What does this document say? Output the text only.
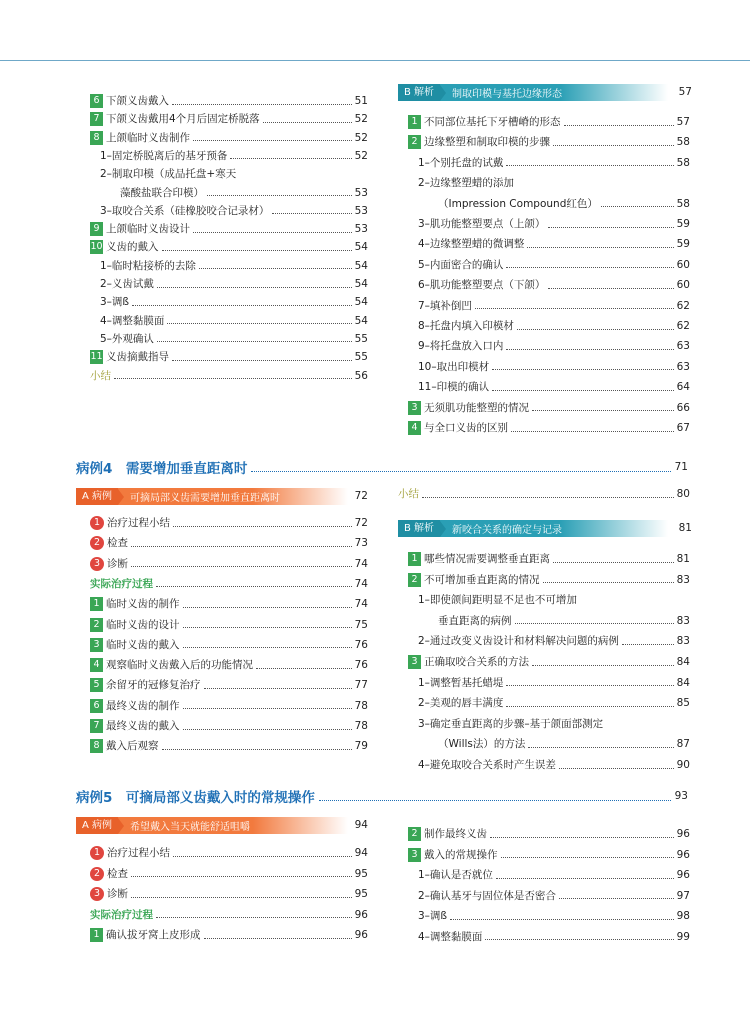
6 下颌义齿戴入	51
7 下颌义齿戴用4个月后固定桥脱落	52
8 上颌临时义齿制作	52
1–固定桥脱离后的基牙预备	52
2–制取印模（成品托盘+寒天
藻酸盐联合印模）	53
3–取咬合关系（硅橡胶咬合记录材）	53
9 上颌临时义齿设计	53
10 义齿的戴入	54
1–临时粘接桥的去除	54
2–义齿试戴	54
3–调ß	54
4–调整黏膜面	54
5–外观确认	55
11 义齿摘戴指导	55
小结	56
B 解析	制取印模与基托边缘形态	57
1 不同部位基托下牙槽嵴的形态	57
2 边缘整塑和制取印模的步骤	58
1–个别托盘的试戴	58
2–边缘整塑蜡的添加
（Impression Compound红色）	58
3–肌功能整塑要点（上颌）	59
4–边缘整塑蜡的微调整	59
5–内面密合的确认	60
6–肌功能整塑要点（下颌）	60
7–填补倒凹	62
8–托盘内填入印模材	62
9–将托盘放入口内	63
10–取出印模材	63
11–印模的确认	64
3 无须肌功能整塑的情况	66
4 与全口义齿的区别	67
病例4　需要增加垂直距离时	71
A 病例	可摘局部义齿需要增加垂直距离时	72
1 治疗过程小结	72
2 检查	73
3 诊断	74
实际治疗过程	74
1 临时义齿的制作	74
2 临时义齿的设计	75
3 临时义齿的戴入	76
4 观察临时义齿戴入后的功能情况	76
5 余留牙的冠修复治疗	77
6 最终义齿的制作	78
7 最终义齿的戴入	78
8 戴入后观察	79
小结	80
B 解析	新咬合关系的确定与记录	81
1 哪些情况需要调整垂直距离	81
2 不可增加垂直距离的情况	83
1–即使颌间距明显不足也不可增加
垂直距离的病例	83
2–通过改变义齿设计和材料解决问题的病例	83
3 正确取咬合关系的方法	84
1–调整暂基托蜡堤	84
2–美观的唇丰满度	85
3–确定垂直距离的步骤–基于颌面部测定
（Wills法）的方法	87
4–避免取咬合关系时产生误差	90
病例5　可摘局部义齿戴入时的常规操作	93
A 病例	希望戴入当天就能舒适咀嚼	94
1 治疗过程小结	94
2 检查	95
3 诊断	95
实际治疗过程	96
1 确认拔牙窝上皮形成	96
2 制作最终义齿	96
3 戴入的常规操作	96
1–确认是否就位	96
2–确认基牙与固位体是否密合	97
3–调ß	98
4–调整黏膜面	99
